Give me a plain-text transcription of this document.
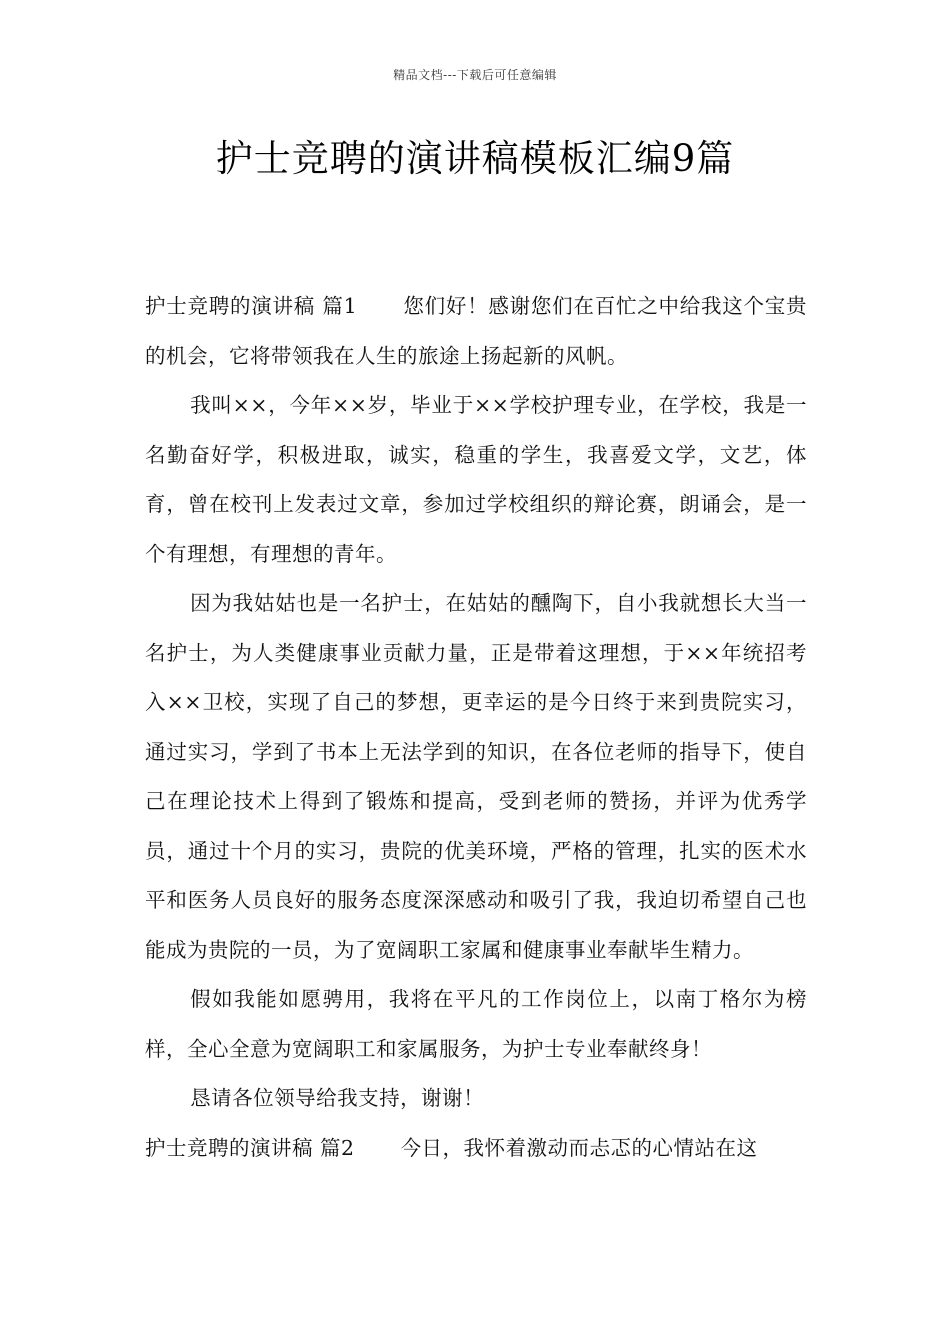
精品文档---下载后可任意编辑
护士竞聘的演讲稿模板汇编9篇

护士竞聘的演讲稿 篇1 您们好！感谢您们在百忙之中给我这个宝贵的机会，它将带领我在人生的旅途上扬起新的风帆。

我叫××，今年××岁，毕业于××学校护理专业，在学校，我是一名勤奋好学，积极进取，诚实，稳重的学生，我喜爱文学，文艺，体育，曾在校刊上发表过文章，参加过学校组织的辩论赛，朗诵会，是一个有理想，有理想的青年。

因为我姑姑也是一名护士，在姑姑的醺陶下，自小我就想长大当一名护士，为人类健康事业贡献力量，正是带着这理想，于××年统招考入××卫校，实现了自己的梦想，更幸运的是今日终于来到贵院实习，通过实习，学到了书本上无法学到的知识，在各位老师的指导下，使自己在理论技术上得到了锻炼和提高，受到老师的赞扬，并评为优秀学员，通过十个月的实习，贵院的优美环境，严格的管理，扎实的医术水平和医务人员良好的服务态度深深感动和吸引了我，我迫切希望自己也能成为贵院的一员，为了宽阔职工家属和健康事业奉献毕生精力。

假如我能如愿骋用，我将在平凡的工作岗位上，以南丁格尔为榜样，全心全意为宽阔职工和家属服务，为护士专业奉献终身！

恳请各位领导给我支持，谢谢！

护士竞聘的演讲稿 篇2 今日，我怀着激动而忐忑的心情站在这
